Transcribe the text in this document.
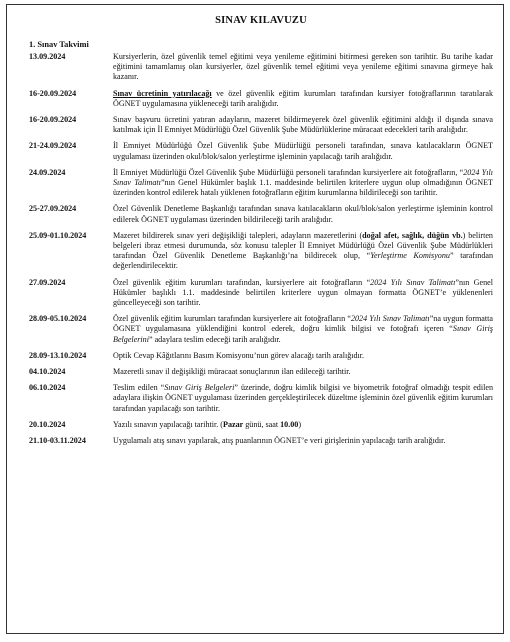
SINAV KILAVUZU
1. Sınav Takvimi
13.09.2024	Kursiyerlerin, özel güvenlik temel eğitimi veya yenileme eğitimini bitirmesi gereken son tarihtir. Bu tarihe kadar eğitimini tamamlamış olan kursiyerler, özel güvenlik temel eğitimi veya yenileme eğitimi sınavına girmeye hak kazanır.
16-20.09.2024	Sınav ücretinin yatırılacağı ve özel güvenlik eğitim kurumları tarafından kursiyer fotoğraflarının taratılarak ÖGNET uygulamasına yükleneceği tarih aralığıdır.
16-20.09.2024	Sınav başvuru ücretini yatıran adayların, mazeret bildirmeyerek özel güvenlik eğitimini aldığı il dışında sınava katılmak için İl Emniyet Müdürlüğü Özel Güvenlik Şube Müdürlüklerine müracaat edecekleri tarih aralığıdır.
21-24.09.2024	İl Emniyet Müdürlüğü Özel Güvenlik Şube Müdürlüğü personeli tarafından, sınava katılacakların ÖGNET uygulaması üzerinden okul/blok/salon yerleştirme işleminin yapılacağı tarih aralığıdır.
24.09.2024	İl Emniyet Müdürlüğü Özel Güvenlik Şube Müdürlüğü personeli tarafından kursiyerlere ait fotoğrafların, “2024 Yılı Sınav Talimatı”nın Genel Hükümler başlık 1.1. maddesinde belirtilen kriterlere uygun olup olmadığının ÖGNET üzerinden kontrol edilerek hatalı yüklenen fotoğrafların eğitim kurumlarına bildirileceği son tarihtir.
25-27.09.2024	Özel Güvenlik Denetleme Başkanlığı tarafından sınava katılacakların okul/blok/salon yerleştirme işleminin kontrol edilerek ÖGNET uygulaması üzerinden bildirileceği tarih aralığıdır.
25.09-01.10.2024	Mazeret bildirerek sınav yeri değişikliği talepleri, adayların mazeretlerini (doğal afet, sağlık, düğün vb.) belirten belgeleri ibraz etmesi durumunda, söz konusu talepler İl Emniyet Müdürlüğü Özel Güvenlik Şube Müdürlükleri tarafından Özel Güvenlik Denetleme Başkanlığı’na bildirecek olup, “Yerleştirme Komisyonu” tarafından değerlendirilecektir.
27.09.2024	Özel güvenlik eğitim kurumları tarafından, kursiyerlere ait fotoğrafların “2024 Yılı Sınav Talimatı”nın Genel Hükümler başlıklı 1.1. maddesinde belirtilen kriterlere uygun olmayan formatta ÖGNET’e yüklenenleri güncelleyeceği son tarihtir.
28.09-05.10.2024	Özel güvenlik eğitim kurumları tarafından kursiyerlere ait fotoğrafların “2024 Yılı Sınav Talimatı”na uygun formatta ÖGNET uygulamasına yüklendiğini kontrol ederek, doğru kimlik bilgisi ve fotoğrafı içeren “Sınav Giriş Belgelerini” adaylara teslim edeceği tarih aralığıdır.
28.09-13.10.2024	Optik Cevap Kâğıtlarını Basım Komisyonu’nun görev alacağı tarih aralığıdır.
04.10.2024	Mazeretli sınav il değişikliği müracaat sonuçlarının ilan edileceği tarihtir.
06.10.2024	Teslim edilen “Sınav Giriş Belgeleri” üzerinde, doğru kimlik bilgisi ve biyometrik fotoğraf olmadığı tespit edilen adaylara ilişkin ÖGNET uygulaması üzerinden gerçekleştirilecek düzeltme işleminin özel güvenlik eğitim kurumları tarafından yapılacağı son tarihtir.
20.10.2024	Yazılı sınavın yapılacağı tarihtir. (Pazar günü, saat 10.00)
21.10-03.11.2024	Uygulamalı atış sınavı yapılarak, atış puanlarının ÖGNET’e veri girişlerinin yapılacağı tarih aralığıdır.
